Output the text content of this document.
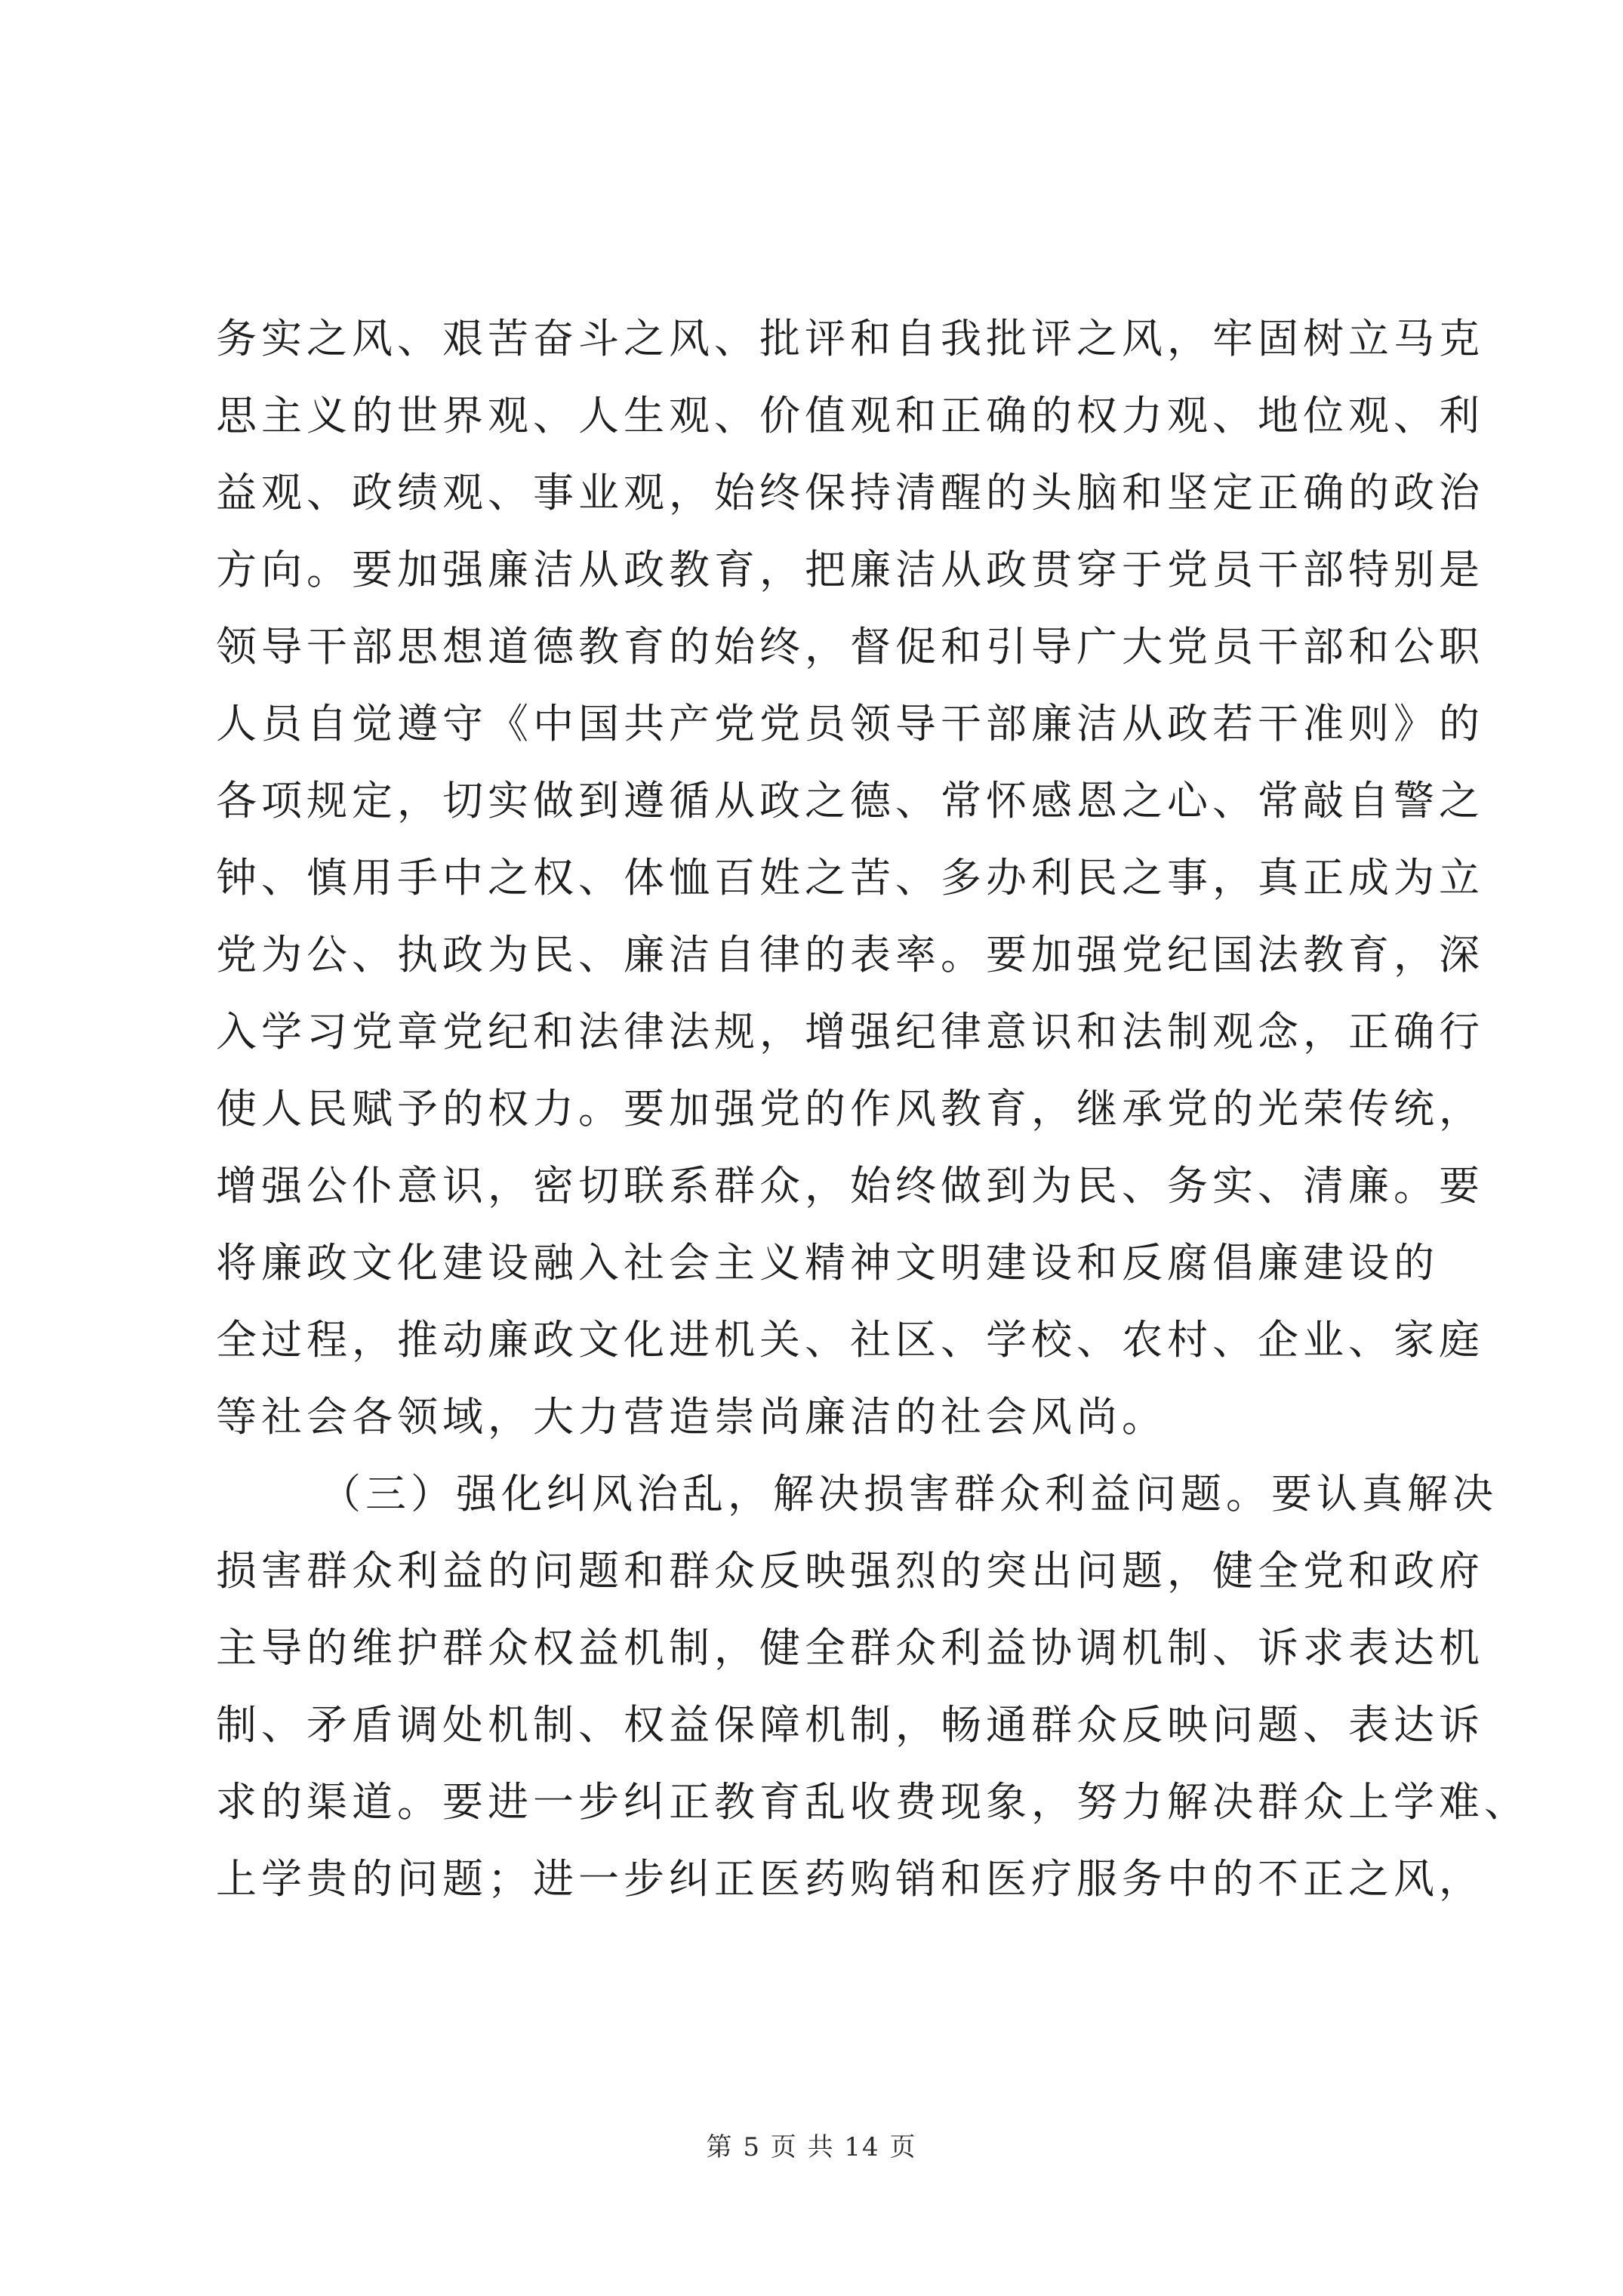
务实之风、艰苦奋斗之风、批评和自我批评之风，牢固树立马克
思主义的世界观、人生观、价值观和正确的权力观、地位观、利
益观、政绩观、事业观，始终保持清醒的头脑和坚定正确的政治
方向。要加强廉洁从政教育，把廉洁从政贯穿于党员干部特别是
领导干部思想道德教育的始终，督促和引导广大党员干部和公职
人员自觉遵守《中国共产党党员领导干部廉洁从政若干准则》的
各项规定，切实做到遵循从政之德、常怀感恩之心、常敲自警之
钟、慎用手中之权、体恤百姓之苦、多办利民之事，真正成为立
党为公、执政为民、廉洁自律的表率。要加强党纪国法教育，深
入学习党章党纪和法律法规，增强纪律意识和法制观念，正确行
使人民赋予的权力。要加强党的作风教育，继承党的光荣传统，
增强公仆意识，密切联系群众，始终做到为民、务实、清廉。要
将廉政文化建设融入社会主义精神文明建设和反腐倡廉建设的
全过程，推动廉政文化进机关、社区、学校、农村、企业、家庭
等社会各领域，大力营造崇尚廉洁的社会风尚。
（三）强化纠风治乱，解决损害群众利益问题。要认真解决
损害群众利益的问题和群众反映强烈的突出问题，健全党和政府
主导的维护群众权益机制，健全群众利益协调机制、诉求表达机
制、矛盾调处机制、权益保障机制，畅通群众反映问题、表达诉
求的渠道。要进一步纠正教育乱收费现象，努力解决群众上学难、
上学贵的问题；进一步纠正医药购销和医疗服务中的不正之风，
第 5 页 共 14 页
